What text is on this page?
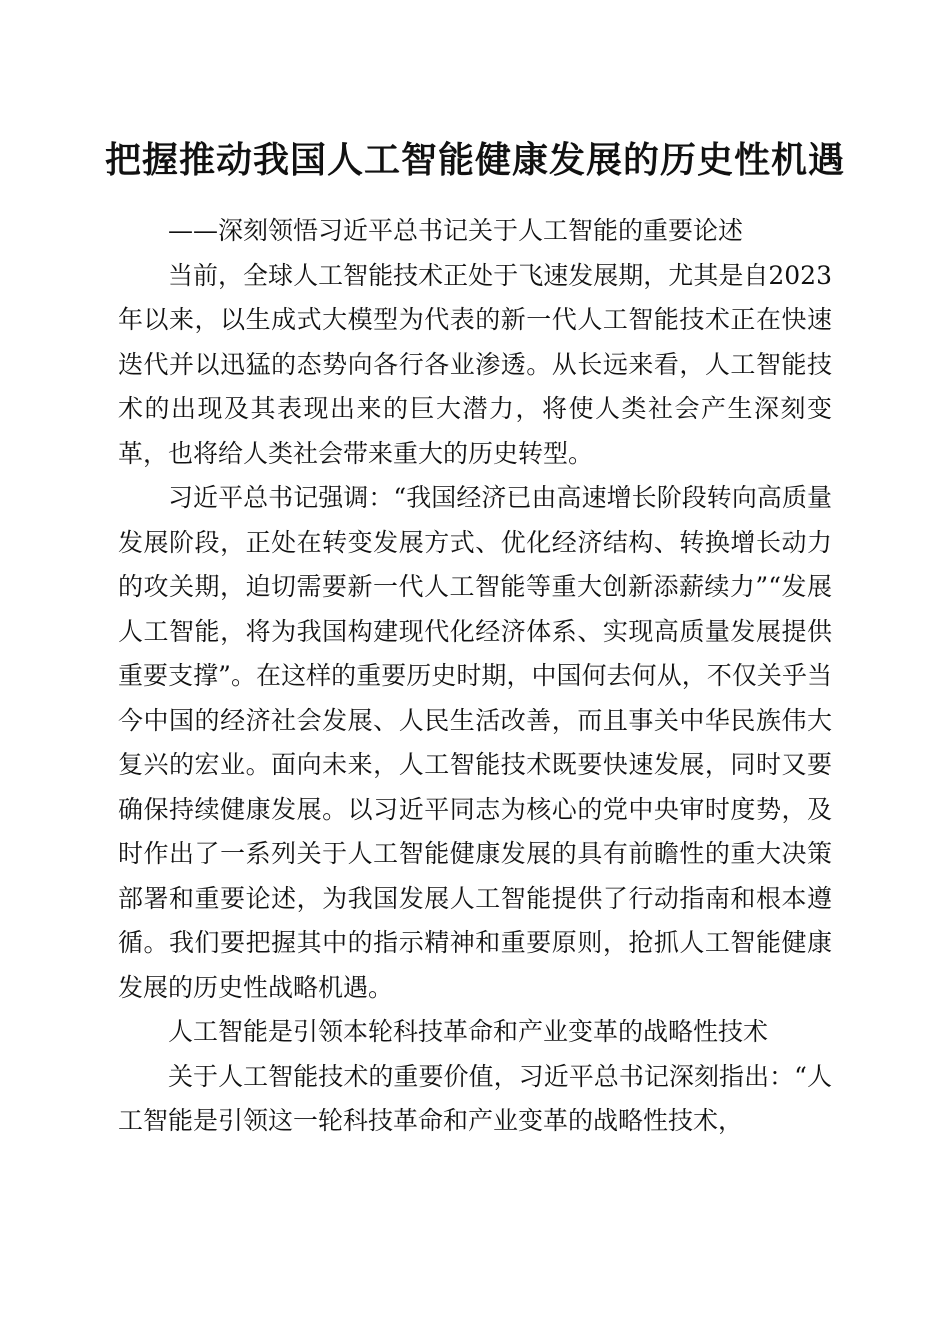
把握推动我国人工智能健康发展的历史性机遇

——深刻领悟习近平总书记关于人工智能的重要论述

当前，全球人工智能技术正处于飞速发展期，尤其是自2023年以来，以生成式大模型为代表的新一代人工智能技术正在快速迭代并以迅猛的态势向各行各业渗透。从长远来看，人工智能技术的出现及其表现出来的巨大潜力，将使人类社会产生深刻变革，也将给人类社会带来重大的历史转型。

习近平总书记强调：“我国经济已由高速增长阶段转向高质量发展阶段，正处在转变发展方式、优化经济结构、转换增长动力的攻关期，迫切需要新一代人工智能等重大创新添薪续力”“发展人工智能，将为我国构建现代化经济体系、实现高质量发展提供重要支撑”。在这样的重要历史时期，中国何去何从，不仅关乎当今中国的经济社会发展、人民生活改善，而且事关中华民族伟大复兴的宏业。面向未来，人工智能技术既要快速发展，同时又要确保持续健康发展。以习近平同志为核心的党中央审时度势，及时作出了一系列关于人工智能健康发展的具有前瞻性的重大决策部署和重要论述，为我国发展人工智能提供了行动指南和根本遵循。我们要把握其中的指示精神和重要原则，抢抓人工智能健康发展的历史性战略机遇。

人工智能是引领本轮科技革命和产业变革的战略性技术

关于人工智能技术的重要价值，习近平总书记深刻指出：“人工智能是引领这一轮科技革命和产业变革的战略性技术，
